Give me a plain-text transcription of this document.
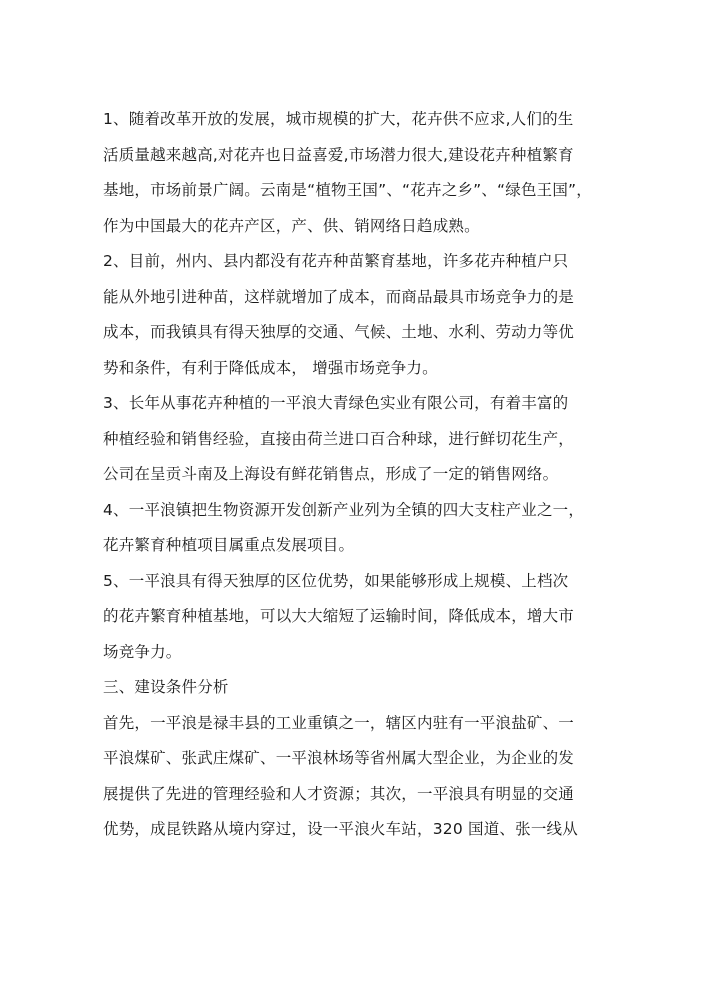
1、随着改革开放的发展，城市规模的扩大，花卉供不应求,人们的生
活质量越来越高,对花卉也日益喜爱,市场潜力很大,建设花卉种植繁育
基地，市场前景广阔。云南是“植物王国”、“花卉之乡”、“绿色王国”，
作为中国最大的花卉产区，产、供、销网络日趋成熟。
2、目前，州内、县内都没有花卉种苗繁育基地，许多花卉种植户只
能从外地引进种苗，这样就增加了成本，而商品最具市场竞争力的是
成本，而我镇具有得天独厚的交通、气候、土地、水利、劳动力等优
势和条件，有利于降低成本， 增强市场竞争力。
3、长年从事花卉种植的一平浪大青绿色实业有限公司，有着丰富的
种植经验和销售经验，直接由荷兰进口百合种球，进行鲜切花生产，
公司在呈贡斗南及上海设有鲜花销售点，形成了一定的销售网络。
4、一平浪镇把生物资源开发创新产业列为全镇的四大支柱产业之一，
花卉繁育种植项目属重点发展项目。
5、一平浪具有得天独厚的区位优势，如果能够形成上规模、上档次
的花卉繁育种植基地，可以大大缩短了运输时间，降低成本，增大市
场竞争力。
三、建设条件分析
首先，一平浪是禄丰县的工业重镇之一，辖区内驻有一平浪盐矿、一
平浪煤矿、张武庄煤矿、一平浪林场等省州属大型企业，为企业的发
展提供了先进的管理经验和人才资源；其次，一平浪具有明显的交通
优势，成昆铁路从境内穿过，设一平浪火车站，320 国道、张一线从
